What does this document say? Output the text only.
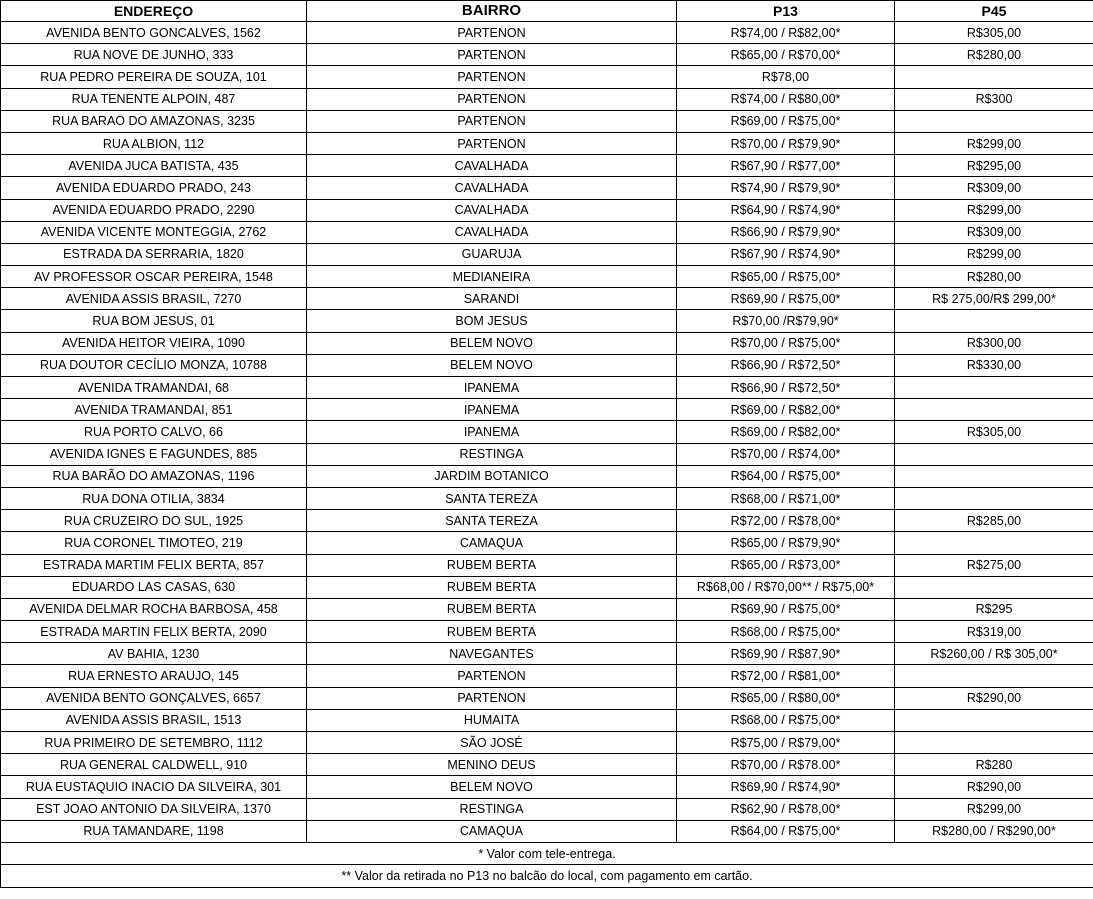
ENDEREÇO	BAIRRO	P13	P45
AVENIDA BENTO GONCALVES, 1562	PARTENON	R$74,00 / R$82,00*	R$305,00
RUA NOVE DE JUNHO, 333	PARTENON	R$65,00 / R$70,00*	R$280,00
RUA PEDRO PEREIRA DE SOUZA, 101	PARTENON	R$78,00	
RUA TENENTE ALPOIN, 487	PARTENON	R$74,00 / R$80,00*	R$300
RUA BARAO DO AMAZONAS, 3235	PARTENON	R$69,00 / R$75,00*	
RUA ALBION, 112	PARTENON	R$70,00 / R$79,90*	R$299,00
AVENIDA JUCA BATISTA, 435	CAVALHADA	R$67,90 / R$77,00*	R$295,00
AVENIDA EDUARDO PRADO, 243	CAVALHADA	R$74,90 / R$79,90*	R$309,00
AVENIDA EDUARDO PRADO, 2290	CAVALHADA	R$64,90 / R$74,90*	R$299,00
AVENIDA VICENTE MONTEGGIA, 2762	CAVALHADA	R$66,90 / R$79,90*	R$309,00
ESTRADA DA SERRARIA, 1820	GUARUJA	R$67,90 / R$74,90*	R$299,00
AV PROFESSOR OSCAR PEREIRA, 1548	MEDIANEIRA	R$65,00 / R$75,00*	R$280,00
AVENIDA ASSIS BRASIL, 7270	SARANDI	R$69,90 / R$75,00*	R$ 275,00/R$ 299,00*
RUA BOM JESUS, 01	BOM JESUS	R$70,00 /R$79,90*	
AVENIDA HEITOR VIEIRA, 1090	BELEM NOVO	R$70,00 / R$75,00*	R$300,00
RUA DOUTOR CECÍLIO MONZA, 10788	BELEM NOVO	R$66,90 / R$72,50*	R$330,00
AVENIDA TRAMANDAI, 68	IPANEMA	R$66,90 / R$72,50*	
AVENIDA TRAMANDAI, 851	IPANEMA	R$69,00 / R$82,00*	
RUA PORTO CALVO, 66	IPANEMA	R$69,00 / R$82,00*	R$305,00
AVENIDA IGNES E FAGUNDES, 885	RESTINGA	R$70,00 / R$74,00*	
RUA BARÃO DO AMAZONAS, 1196	JARDIM BOTANICO	R$64,00 / R$75,00*	
RUA DONA OTILIA, 3834	SANTA TEREZA	R$68,00 / R$71,00*	
RUA CRUZEIRO DO SUL, 1925	SANTA TEREZA	R$72,00 / R$78,00*	R$285,00
RUA CORONEL TIMOTEO, 219	CAMAQUA	R$65,00 / R$79,90*	
ESTRADA MARTIM FELIX BERTA, 857	RUBEM BERTA	R$65,00 / R$73,00*	R$275,00
EDUARDO LAS CASAS, 630	RUBEM BERTA	R$68,00 / R$70,00** / R$75,00*	
AVENIDA DELMAR ROCHA BARBOSA, 458	RUBEM BERTA	R$69,90 / R$75,00*	R$295
ESTRADA MARTIN FELIX BERTA, 2090	RUBEM BERTA	R$68,00 / R$75,00*	R$319,00
AV BAHIA, 1230	NAVEGANTES	R$69,90 / R$87,90*	R$260,00 / R$ 305,00*
RUA ERNESTO ARAUJO, 145	PARTENON	R$72,00 / R$81,00*	
AVENIDA BENTO GONÇALVES, 6657	PARTENON	R$65,00 / R$80,00*	R$290,00
AVENIDA ASSIS BRASIL, 1513	HUMAITA	R$68,00 / R$75,00*	
RUA PRIMEIRO DE SETEMBRO, 1112	SÃO JOSÉ	R$75,00 / R$79,00*	
RUA GENERAL CALDWELL, 910	MENINO DEUS	R$70,00 / R$78.00*	R$280
RUA EUSTAQUIO INACIO DA SILVEIRA, 301	BELEM NOVO	R$69,90 / R$74,90*	R$290,00
EST JOAO ANTONIO DA SILVEIRA, 1370	RESTINGA	R$62,90 / R$78,00*	R$299,00
RUA TAMANDARE, 1198	CAMAQUA	R$64,00 / R$75,00*	R$280,00 / R$290,00*
* Valor com tele-entrega.			
** Valor da retirada no P13 no balcão do local, com pagamento em cartão.			
